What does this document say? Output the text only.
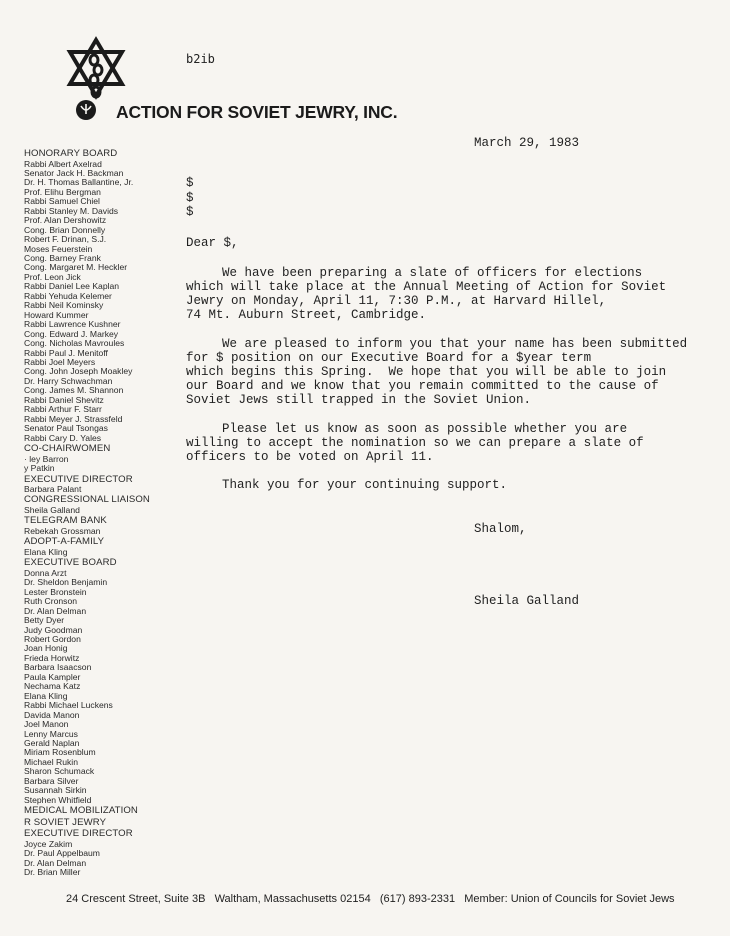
b2ib
ACTION FOR SOVIET JEWRY, INC.
March 29, 1983
HONORARY BOARD
Rabbi Albert Axelrad
Senator Jack H. Backman
Dr. H. Thomas Ballantine, Jr.
Prof. Elihu Bergman
Rabbi Samuel Chiel
Rabbi Stanley M. Davids
Prof. Alan Dershowitz
Cong. Brian Donnelly
Robert F. Drinan, S.J.
Moses Feuerstein
Cong. Barney Frank
Cong. Margaret M. Heckler
Prof. Leon Jick
Rabbi Daniel Lee Kaplan
Rabbi Yehuda Kelemer
Rabbi Neil Kominsky
Howard Kummer
Rabbi Lawrence Kushner
Cong. Edward J. Markey
Cong. Nicholas Mavroules
Rabbi Paul J. Menitoff
Rabbi Joel Meyers
Cong. John Joseph Moakley
Dr. Harry Schwachman
Cong. James M. Shannon
Rabbi Daniel Shevitz
Rabbi Arthur F. Starr
Rabbi Meyer J. Strassfeld
Senator Paul Tsongas
Rabbi Cary D. Yales
CO-CHAIRWOMEN
· ley Barron
y Patkin
EXECUTIVE DIRECTOR
Barbara Palant
CONGRESSIONAL LIAISON
Sheila Galland
TELEGRAM BANK
Rebekah Grossman
ADOPT-A-FAMILY
Elana Kling
EXECUTIVE BOARD
Donna Arzt
Dr. Sheldon Benjamin
Lester Bronstein
Ruth Cronson
Dr. Alan Delman
Betty Dyer
Judy Goodman
Robert Gordon
Joan Honig
Frieda Horwitz
Barbara Isaacson
Paula Kampler
Nechama Katz
Elana Kling
Rabbi Michael Luckens
Davida Manon
Joel Manon
Lenny Marcus
Gerald Naplan
Miriam Rosenblum
Michael Rukin
Sharon Schumack
Barbara Silver
Susannah Sirkin
Stephen Whitfield
MEDICAL MOBILIZATION
R SOVIET JEWRY
EXECUTIVE DIRECTOR
Joyce Zakim
Dr. Paul Appelbaum
Dr. Alan Delman
Dr. Brian Miller

$

$

$

Dear $,

We have been preparing a slate of officers for elections

which will take place at the Annual Meeting of Action for Soviet

Jewry on Monday, April 11, 7:30 P.M., at Harvard Hillel,

74 Mt. Auburn Street, Cambridge.

We are pleased to inform you that your name has been submitted

for $ position on our Executive Board for a $year term

which begins this Spring.  We hope that you will be able to join

our Board and we know that you remain committed to the cause of

Soviet Jews still trapped in the Soviet Union.

Please let us know as soon as possible whether you are

willing to accept the nomination so we can prepare a slate of

officers to be voted on April 11.

Thank you for your continuing support.

Shalom,
Sheila Galland
24 Crescent Street, Suite 3B   Waltham, Massachusetts 02154   (617) 893-2331   Member: Union of Councils for Soviet Jews
